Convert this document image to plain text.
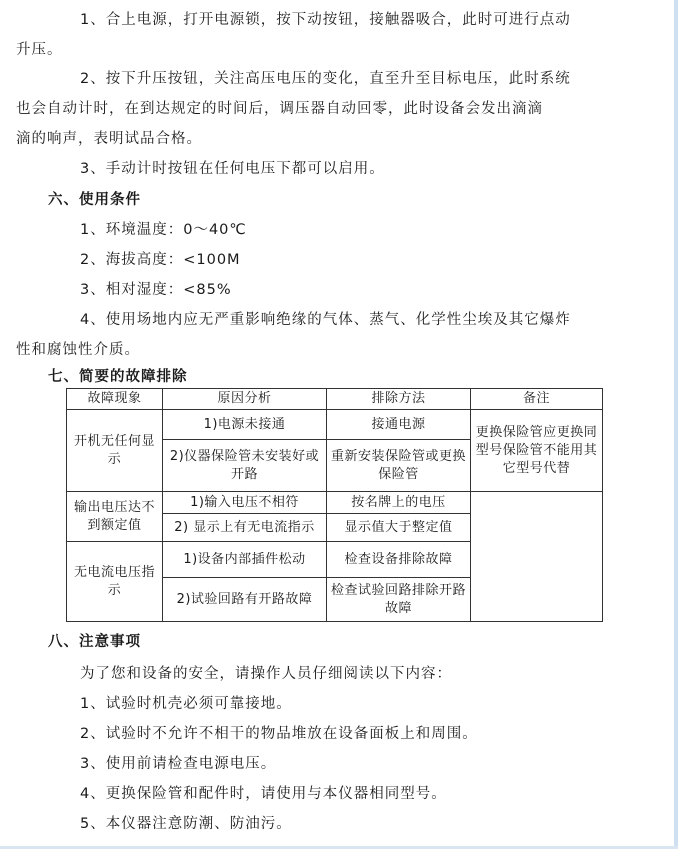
1、合上电源，打开电源锁，按下动按钮，接触器吸合，此时可进行点动
升压。

2、按下升压按钮，关注高压电压的变化，直至升至目标电压，此时系统
也会自动计时，在到达规定的时间后，调压器自动回零，此时设备会发出滴滴
滴的响声，表明试品合格。

3、手动计时按钮在任何电压下都可以启用。

六、使用条件

1、环境温度：0～40℃

2、海拔高度：<100M

3、相对湿度：<85%

4、使用场地内应无严重影响绝缘的气体、蒸气、化学性尘埃及其它爆炸
性和腐蚀性介质。

七、简要的故障排除
故障现象	原因分析	排除方法	备注
开机无任何显示	1)电源未接通	接通电源	更换保险管应更换同型号保险管不能用其它型号代替
	2)仪器保险管未安装好或开路	重新安装保险管或更换保险管	
输出电压达不到额定值	1)输入电压不相符	按名牌上的电压	
	2) 显示上有无电流指示	显示值大于整定值	
无电流电压指示	1)设备内部插件松动	检查设备排除故障	
	2)试验回路有开路故障	检查试验回路排除开路故障	
八、注意事项

为了您和设备的安全，请操作人员仔细阅读以下内容：

1、试验时机壳必须可靠接地。

2、试验时不允许不相干的物品堆放在设备面板上和周围。

3、使用前请检查电源电压。

4、更换保险管和配件时，请使用与本仪器相同型号。

5、本仪器注意防潮、防油污。
